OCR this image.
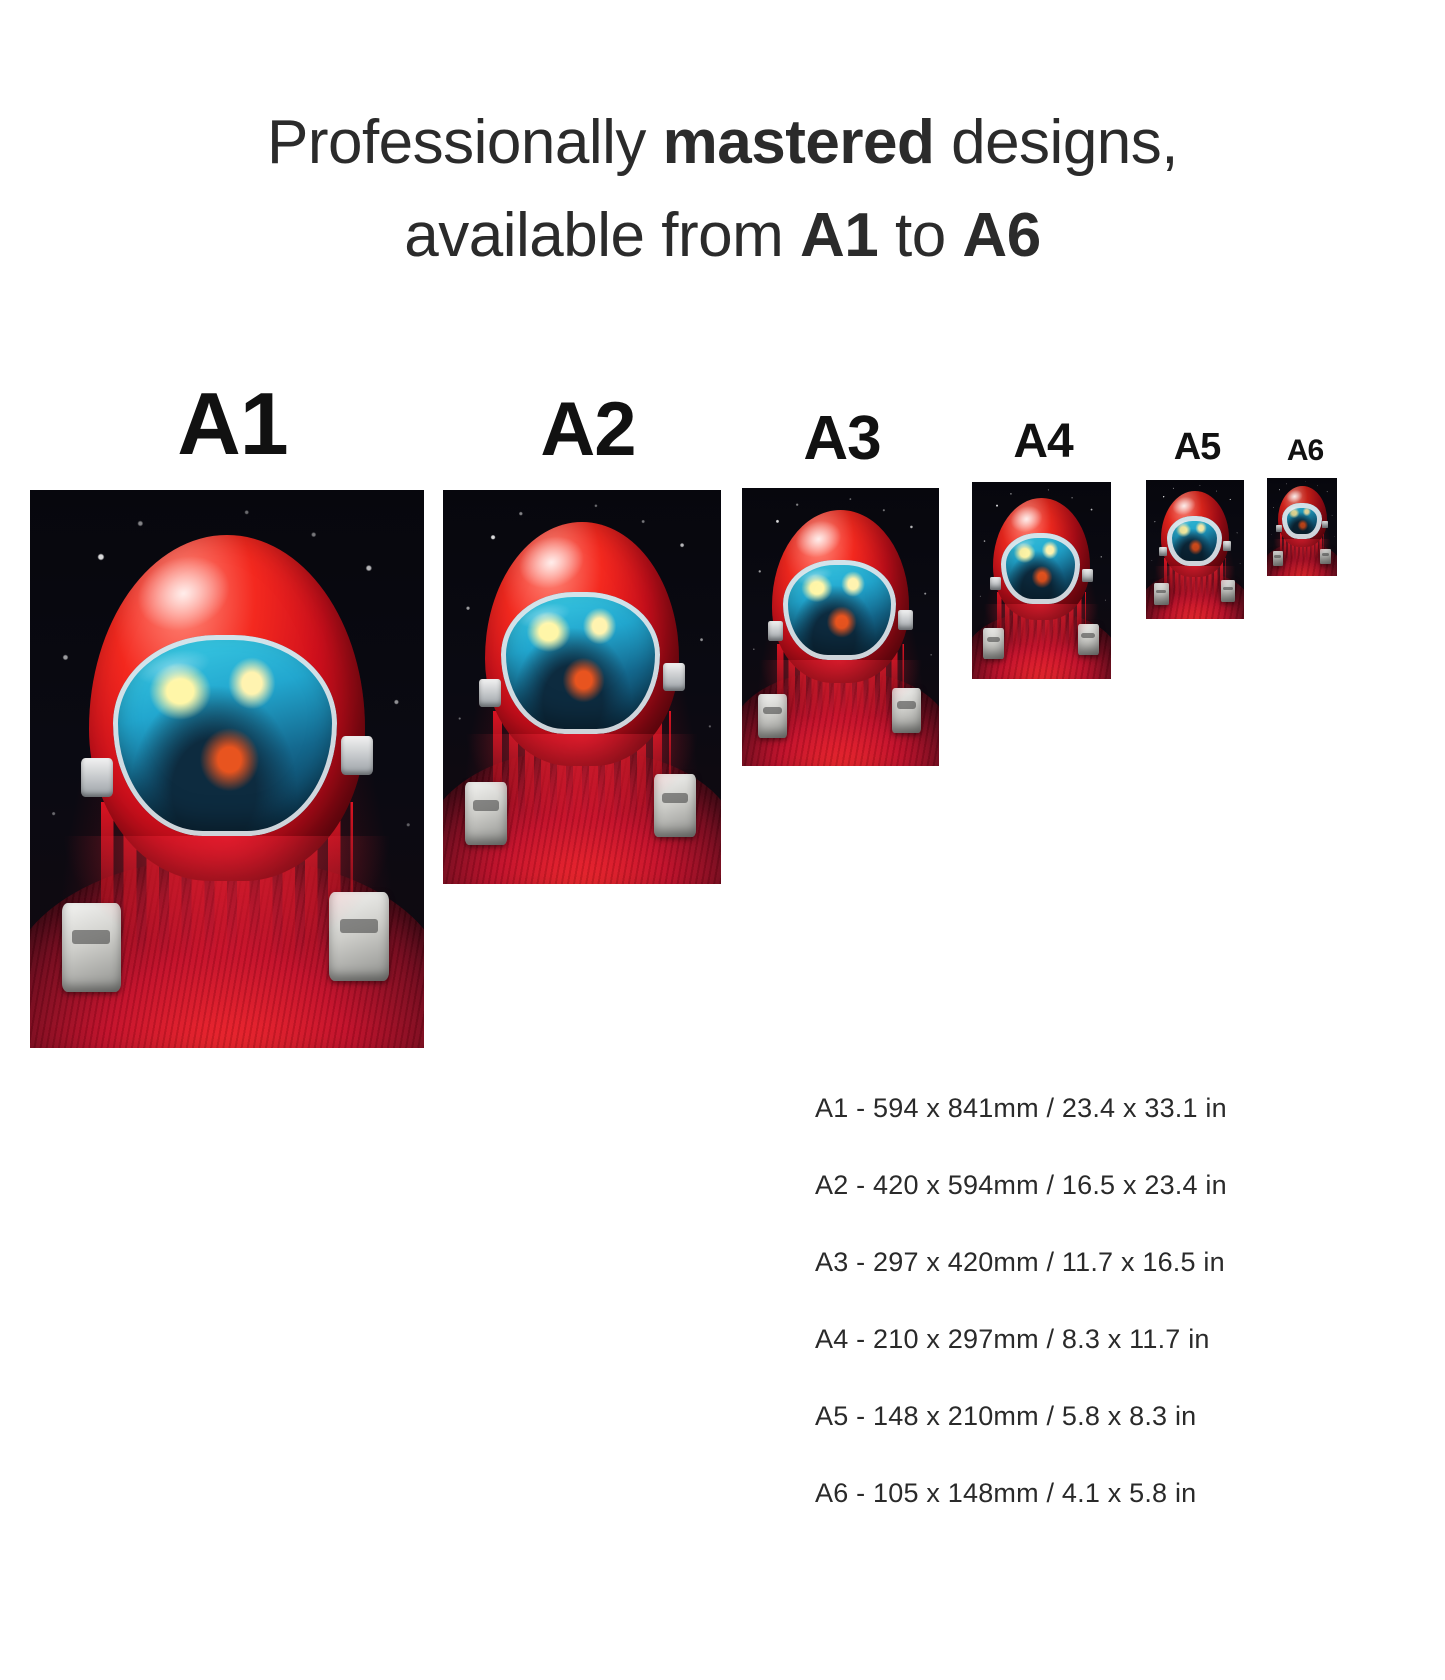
Professionally mastered designs,
available from A1 to A6
A1	A2	A3	A4	A5	A6
A1 - 594 x 841mm / 23.4 x 33.1 in
A2 - 420 x 594mm / 16.5 x 23.4 in
A3 - 297 x 420mm / 11.7 x 16.5 in
A4 - 210 x 297mm / 8.3 x 11.7 in
A5 - 148 x 210mm / 5.8 x 8.3 in
A6 - 105 x 148mm / 4.1 x 5.8 in
